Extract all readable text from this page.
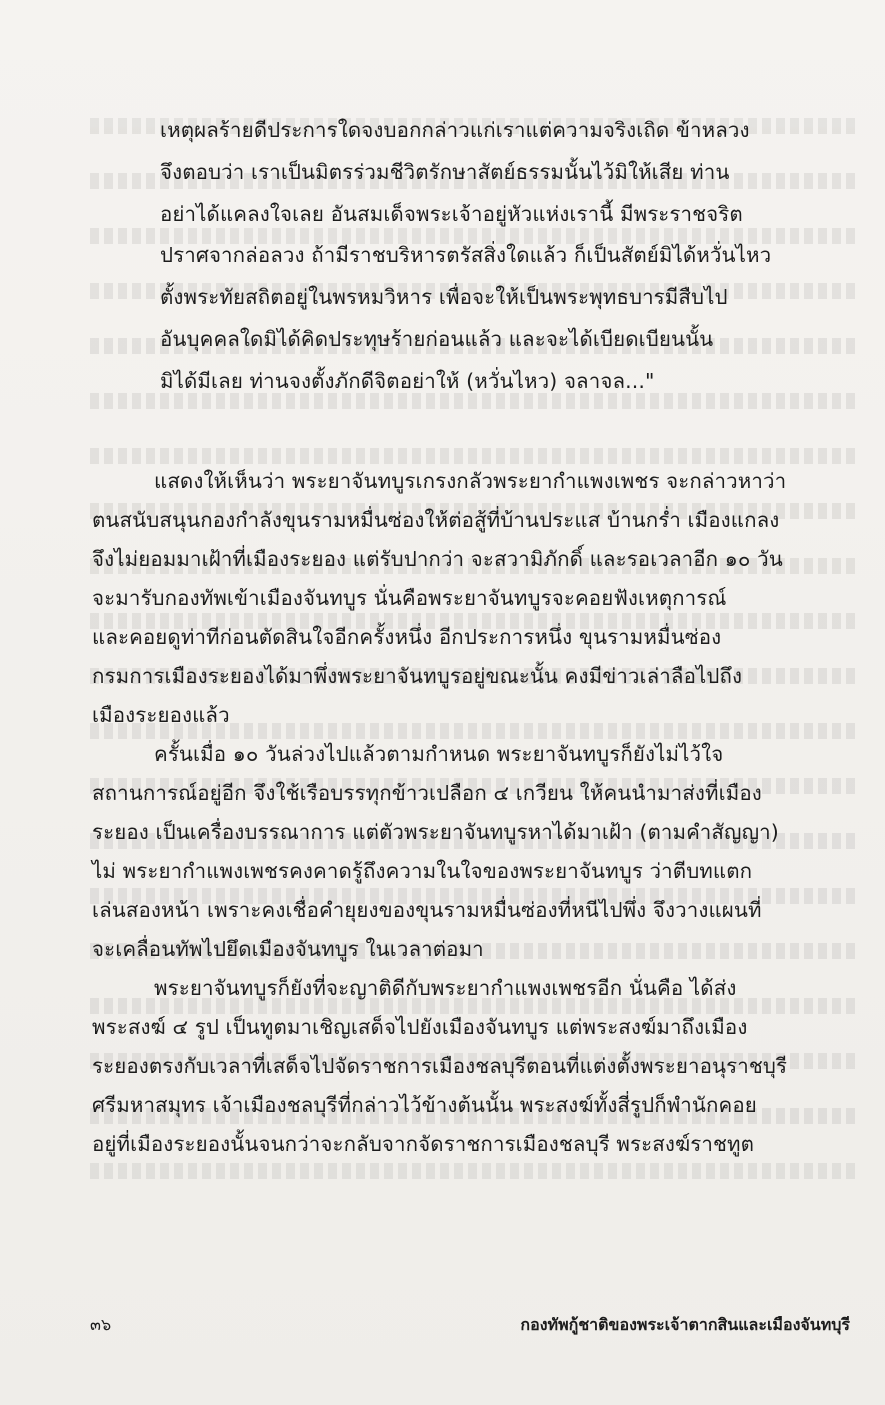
เหตุผลร้ายดีประการใดจงบอกกล่าวแก่เราแต่ความจริงเถิด ข้าหลวง
จึงตอบว่า เราเป็นมิตรร่วมชีวิตรักษาสัตย์ธรรมนั้นไว้มิให้เสีย ท่าน
อย่าได้แคลงใจเลย อันสมเด็จพระเจ้าอยู่หัวแห่งเรานี้ มีพระราชจริต
ปราศจากล่อลวง ถ้ามีราชบริหารตรัสสิ่งใดแล้ว ก็เป็นสัตย์มิได้หวั่นไหว
ตั้งพระทัยสถิตอยู่ในพรหมวิหาร เพื่อจะให้เป็นพระพุทธบารมีสืบไป
อันบุคคลใดมิได้คิดประทุษร้ายก่อนแล้ว และจะได้เบียดเบียนนั้น
มิได้มีเลย ท่านจงตั้งภักดีจิตอย่าให้ (หวั่นไหว) จลาจล..."
แสดงให้เห็นว่า พระยาจันทบูรเกรงกลัวพระยากำแพงเพชร จะกล่าวหาว่า
ตนสนับสนุนกองกำลังขุนรามหมื่นซ่องให้ต่อสู้ที่บ้านประแส บ้านกร่ำ เมืองแกลง
จึงไม่ยอมมาเฝ้าที่เมืองระยอง แต่รับปากว่า จะสวามิภักดิ์ และรอเวลาอีก ๑๐ วัน
จะมารับกองทัพเข้าเมืองจันทบูร นั่นคือพระยาจันทบูรจะคอยฟังเหตุการณ์
และคอยดูท่าทีก่อนตัดสินใจอีกครั้งหนึ่ง อีกประการหนึ่ง ขุนรามหมื่นซ่อง
กรมการเมืองระยองได้มาพึ่งพระยาจันทบูรอยู่ขณะนั้น คงมีข่าวเล่าลือไปถึง
เมืองระยองแล้ว
ครั้นเมื่อ ๑๐ วันล่วงไปแล้วตามกำหนด พระยาจันทบูรก็ยังไม่ไว้ใจ
สถานการณ์อยู่อีก จึงใช้เรือบรรทุกข้าวเปลือก ๔ เกวียน ให้คนนำมาส่งที่เมือง
ระยอง เป็นเครื่องบรรณาการ แต่ตัวพระยาจันทบูรหาได้มาเฝ้า (ตามคำสัญญา)
ไม่ พระยากำแพงเพชรคงคาดรู้ถึงความในใจของพระยาจันทบูร ว่าตีบทแตก
เล่นสองหน้า เพราะคงเชื่อคำยุยงของขุนรามหมื่นซ่องที่หนีไปพึ่ง จึงวางแผนที่
จะเคลื่อนทัพไปยึดเมืองจันทบูร ในเวลาต่อมา
พระยาจันทบูรก็ยังที่จะญาติดีกับพระยากำแพงเพชรอีก นั่นคือ ได้ส่ง
พระสงฆ์ ๔ รูป เป็นทูตมาเชิญเสด็จไปยังเมืองจันทบูร แต่พระสงฆ์มาถึงเมือง
ระยองตรงกับเวลาที่เสด็จไปจัดราชการเมืองชลบุรีตอนที่แต่งตั้งพระยาอนุราชบุรี
ศรีมหาสมุทร เจ้าเมืองชลบุรีที่กล่าวไว้ข้างต้นนั้น พระสงฆ์ทั้งสี่รูปก็พำนักคอย
อยู่ที่เมืองระยองนั้นจนกว่าจะกลับจากจัดราชการเมืองชลบุรี พระสงฆ์ราชทูต
๓๖	กองทัพกู้ชาติของพระเจ้าตากสินและเมืองจันทบุรี
